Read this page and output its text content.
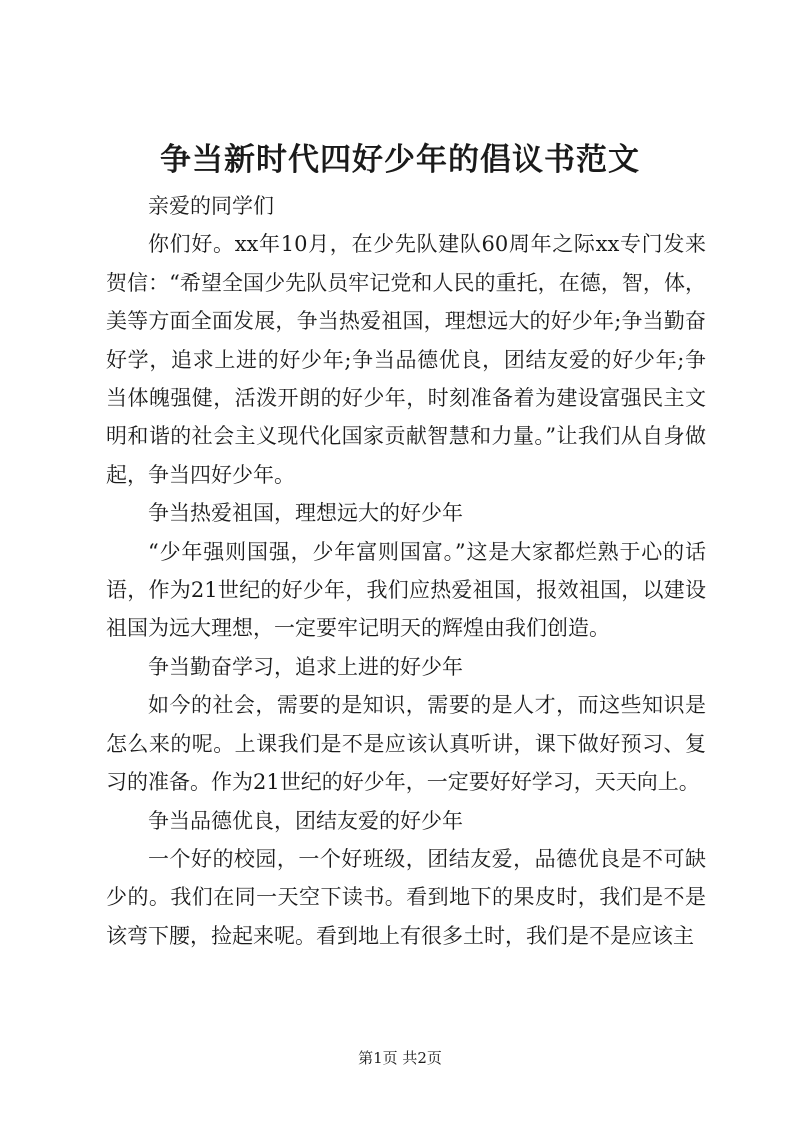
争当新时代四好少年的倡议书范文

亲爱的同学们

你们好。xx年10月，在少先队建队60周年之际xx专门发来贺信：“希望全国少先队员牢记党和人民的重托，在德，智，体，美等方面全面发展，争当热爱祖国，理想远大的好少年;争当勤奋好学，追求上进的好少年;争当品德优良，团结友爱的好少年;争当体魄强健，活泼开朗的好少年，时刻准备着为建设富强民主文明和谐的社会主义现代化国家贡献智慧和力量。”让我们从自身做起，争当四好少年。

争当热爱祖国，理想远大的好少年

“少年强则国强，少年富则国富。”这是大家都烂熟于心的话语，作为21世纪的好少年，我们应热爱祖国，报效祖国，以建设祖国为远大理想，一定要牢记明天的辉煌由我们创造。

争当勤奋学习，追求上进的好少年

如今的社会，需要的是知识，需要的是人才，而这些知识是怎么来的呢。上课我们是不是应该认真听讲，课下做好预习、复习的准备。作为21世纪的好少年，一定要好好学习，天天向上。

争当品德优良，团结友爱的好少年

一个好的校园，一个好班级，团结友爱，品德优良是不可缺少的。我们在同一天空下读书。看到地下的果皮时，我们是不是该弯下腰，捡起来呢。看到地上有很多土时，我们是不是应该主

第1页 共2页
